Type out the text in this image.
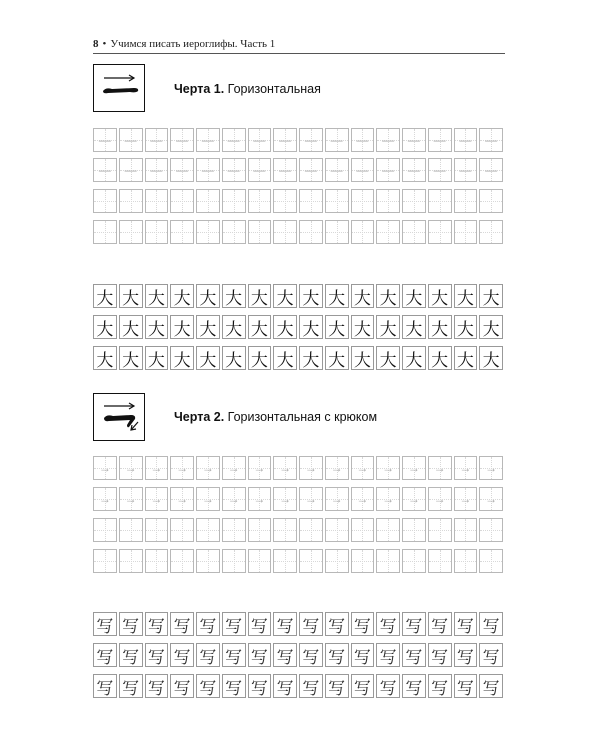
8 • Учимся писать иероглифы. Часть 1
Черта 1. Горизонтальная
—	—	—	—	—	—	—	—	—	—	—	—	—	—	—	—
—	—	—	—	—	—	—	—	—	—	—	—	—	—	—	—
大 大 大 大 大 大 大 大 大 大 大 大 大 大 大 大
大 大 大 大 大 大 大 大 大 大 大 大 大 大 大 大
大 大 大 大 大 大 大 大 大 大 大 大 大 大 大 大
Черта 2. Горизонтальная с крюком
→	→	→	→	→	→	→	→	→	→	→	→	→	→	→	→
→	→	→	→	→	→	→	→	→	→	→	→	→	→	→	→
写 写 写 写 写 写 写 写 写 写 写 写 写 写 写 写
写 写 写 写 写 写 写 写 写 写 写 写 写 写 写 写
写 写 写 写 写 写 写 写 写 写 写 写 写 写 写 写
